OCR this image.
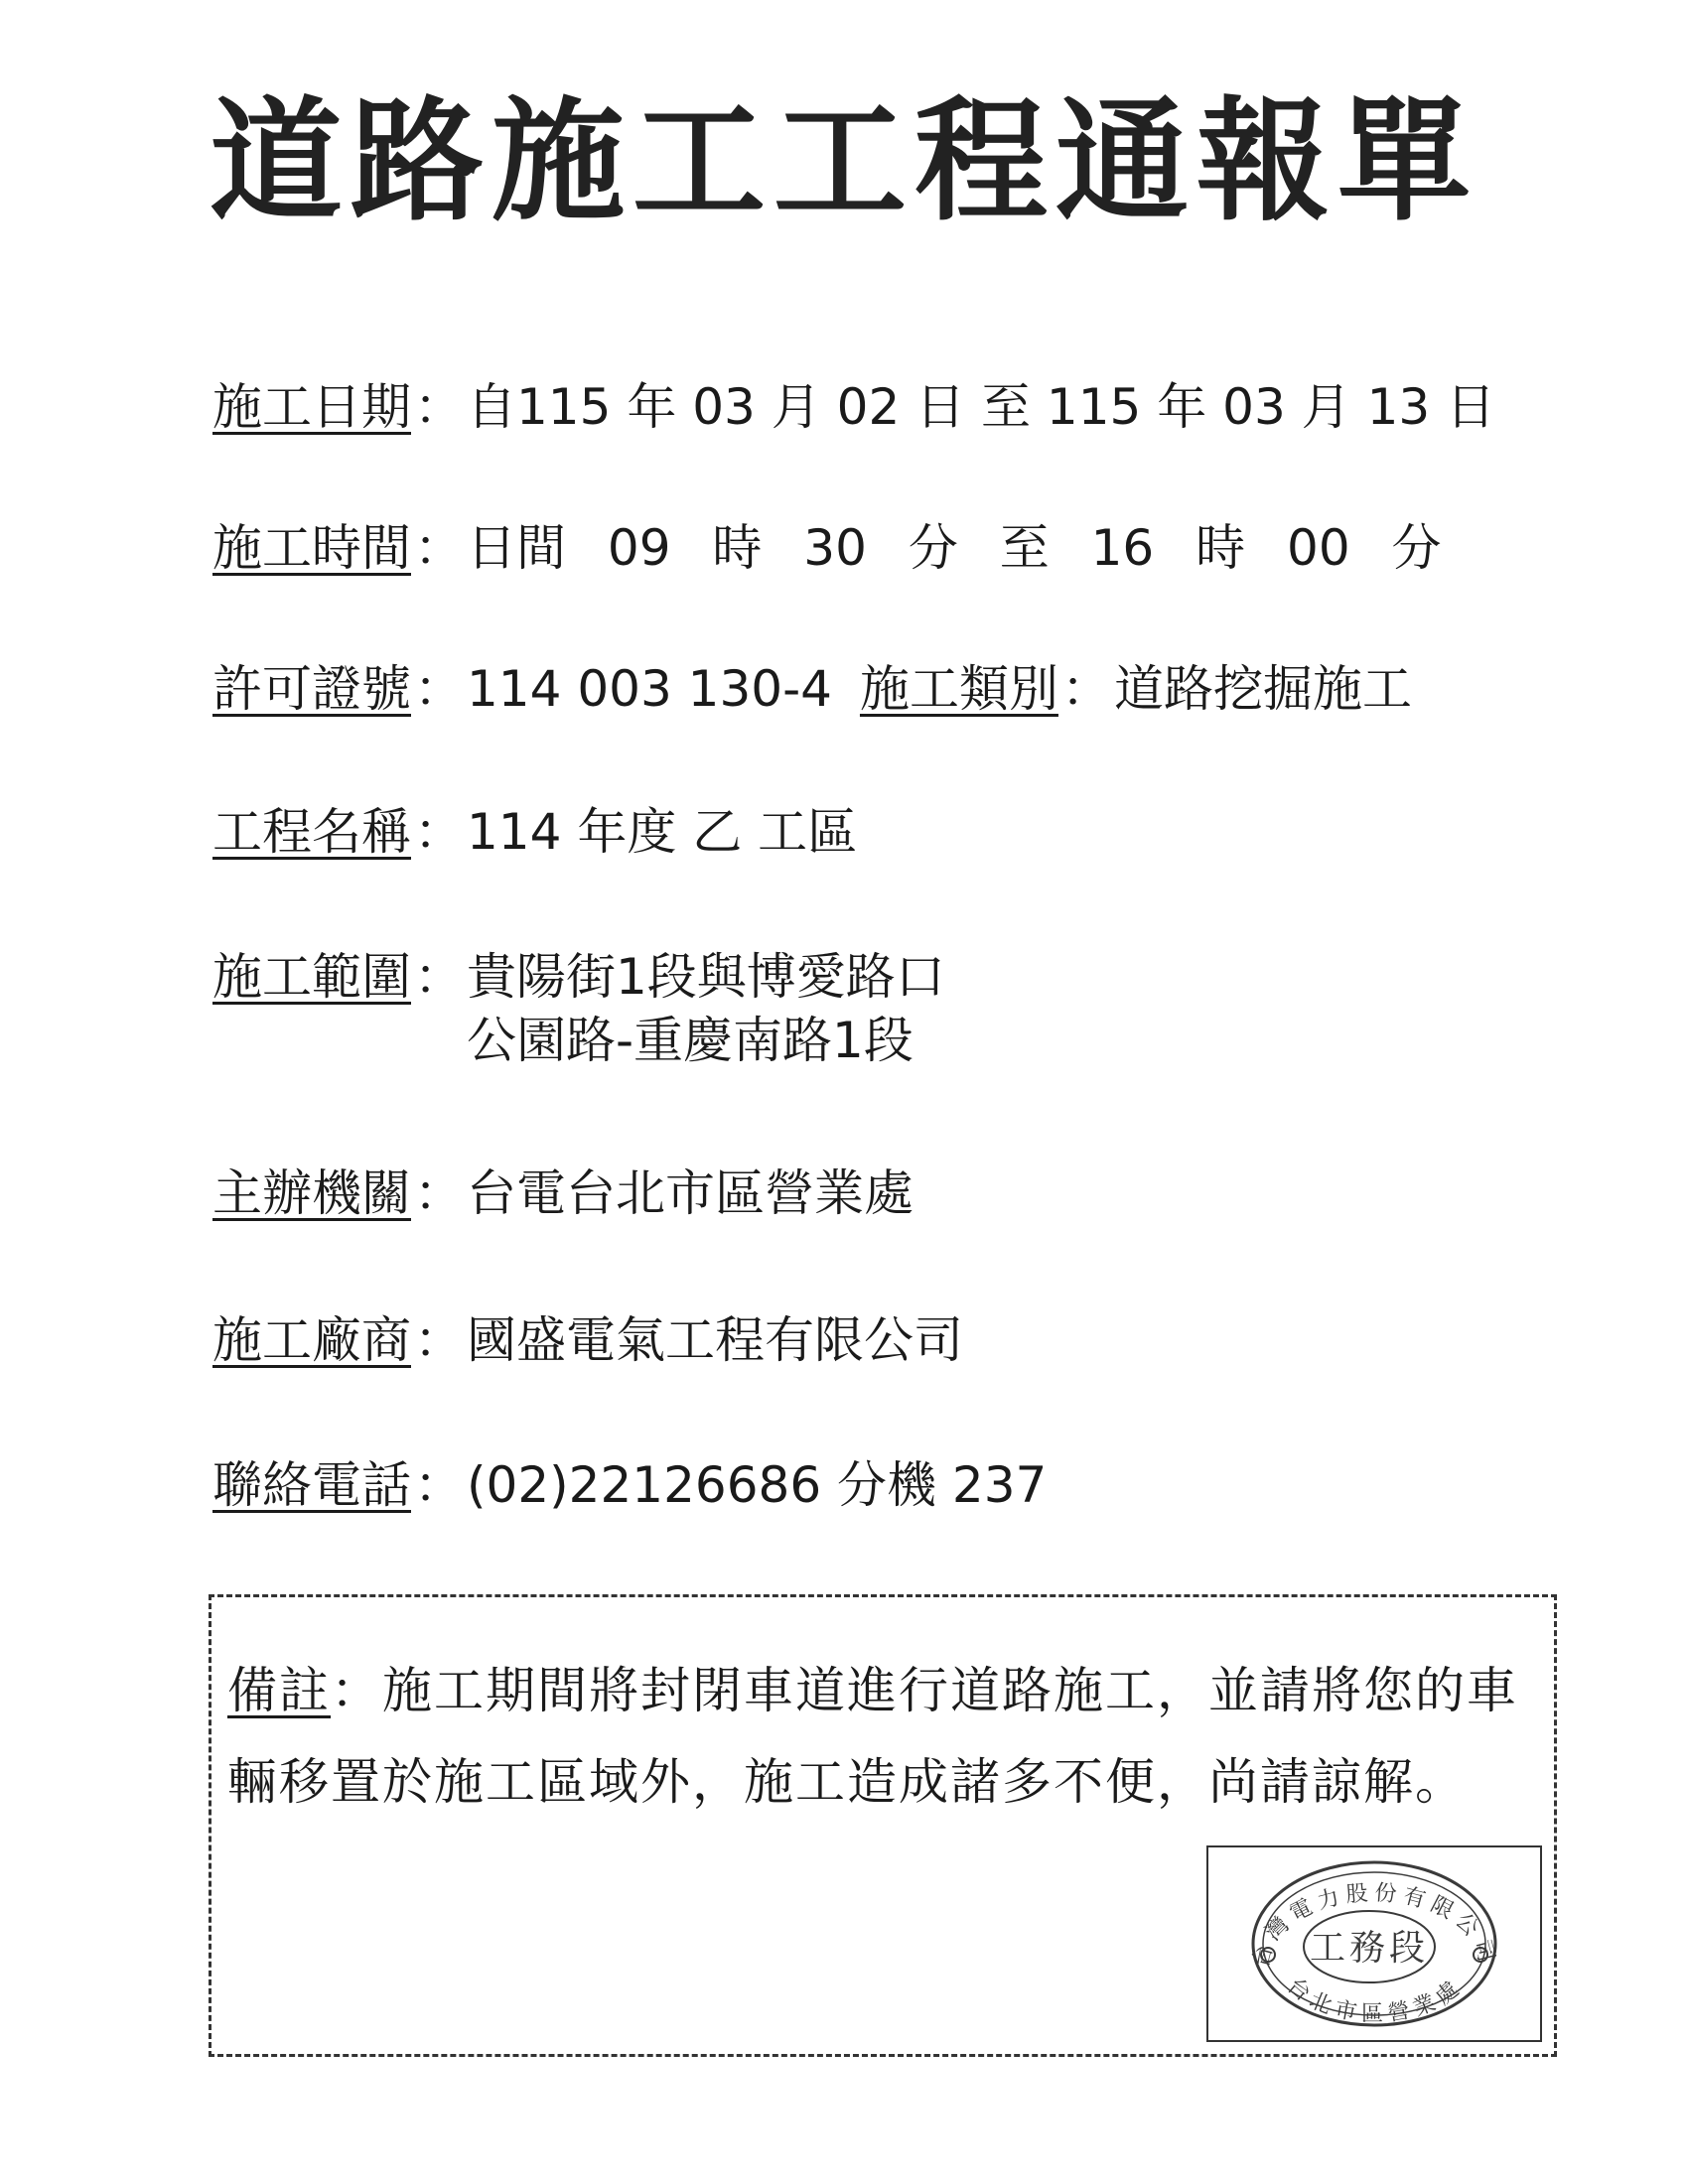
道路施工工程通報單
施工日期：自115 年 03 月 02 日 至 115 年 03 月 13 日
施工時間：日間 09 時 30 分 至 16 時 00 分
許可證號：114 003 130-4 施工類別：道路挖掘施工
工程名稱：114 年度 乙 工區
施工範圍： 貴陽街1段與博愛路口
公園路-重慶南路1段
主辦機關：台電台北市區營業處
施工廠商：國盛電氣工程有限公司
聯絡電話：(02)22126686 分機 237
備註：施工期間將封閉車道進行道路施工，並請將您的車輛移置於施工區域外，施工造成諸多不便，尚請諒解。
台灣電力股份有限公司
工務段
台北市區營業處
